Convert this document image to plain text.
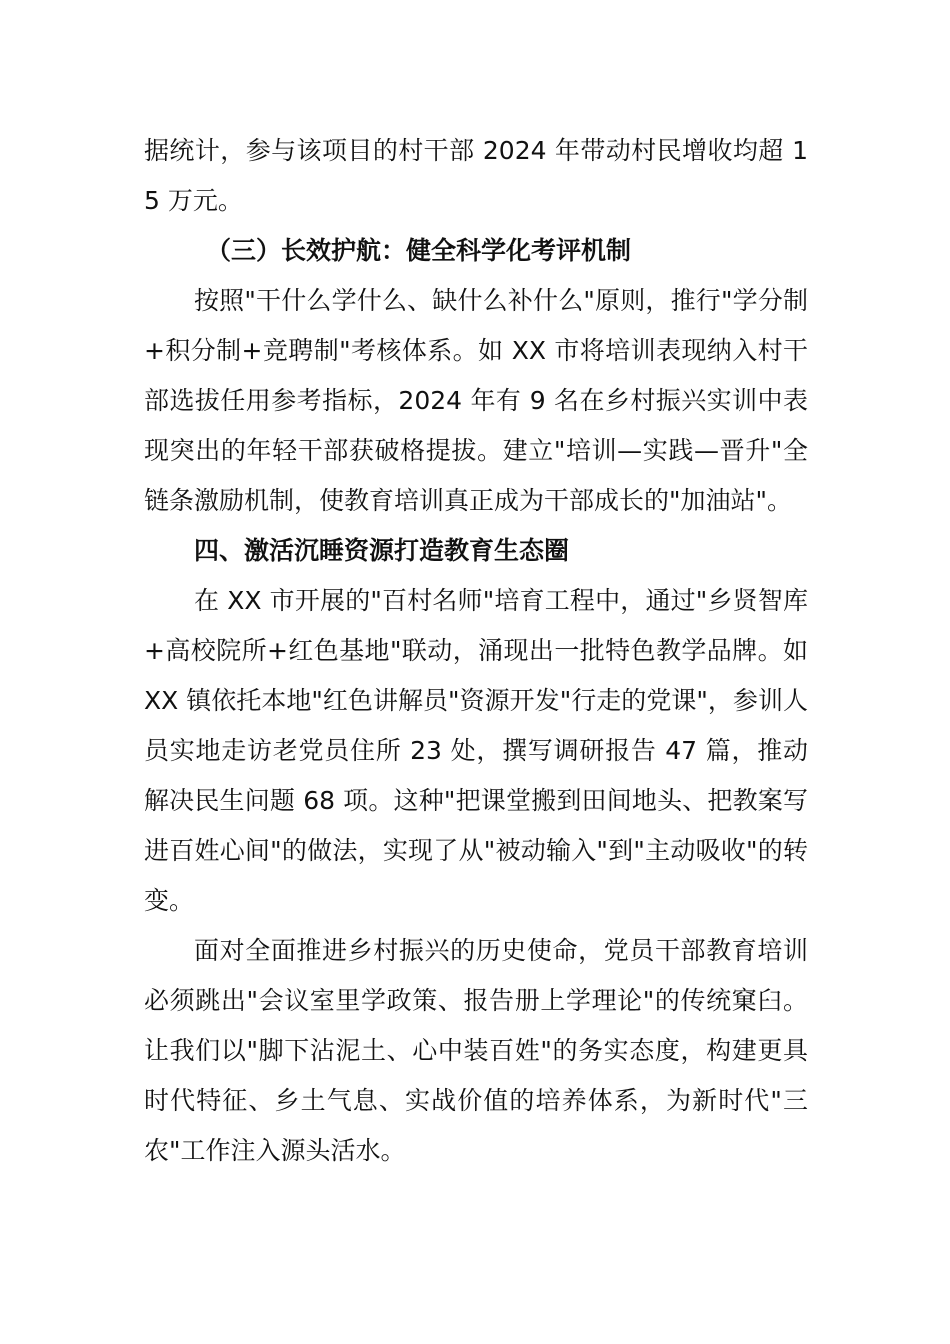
据统计，参与该项目的村干部 2024 年带动村民增收均超 15 万元。

（三）长效护航：健全科学化考评机制

按照"干什么学什么、缺什么补什么"原则，推行"学分制+积分制+竞聘制"考核体系。如 XX 市将培训表现纳入村干部选拔任用参考指标，2024 年有 9 名在乡村振兴实训中表现突出的年轻干部获破格提拔。建立"培训—实践—晋升"全链条激励机制，使教育培训真正成为干部成长的"加油站"。

四、激活沉睡资源打造教育生态圈

在 XX 市开展的"百村名师"培育工程中，通过"乡贤智库+高校院所+红色基地"联动，涌现出一批特色教学品牌。如 XX 镇依托本地"红色讲解员"资源开发"行走的党课"，参训人员实地走访老党员住所 23 处，撰写调研报告 47 篇，推动解决民生问题 68 项。这种"把课堂搬到田间地头、把教案写进百姓心间"的做法，实现了从"被动输入"到"主动吸收"的转变。

面对全面推进乡村振兴的历史使命，党员干部教育培训必须跳出"会议室里学政策、报告册上学理论"的传统窠臼。让我们以"脚下沾泥土、心中装百姓"的务实态度，构建更具时代特征、乡土气息、实战价值的培养体系，为新时代"三农"工作注入源头活水。
